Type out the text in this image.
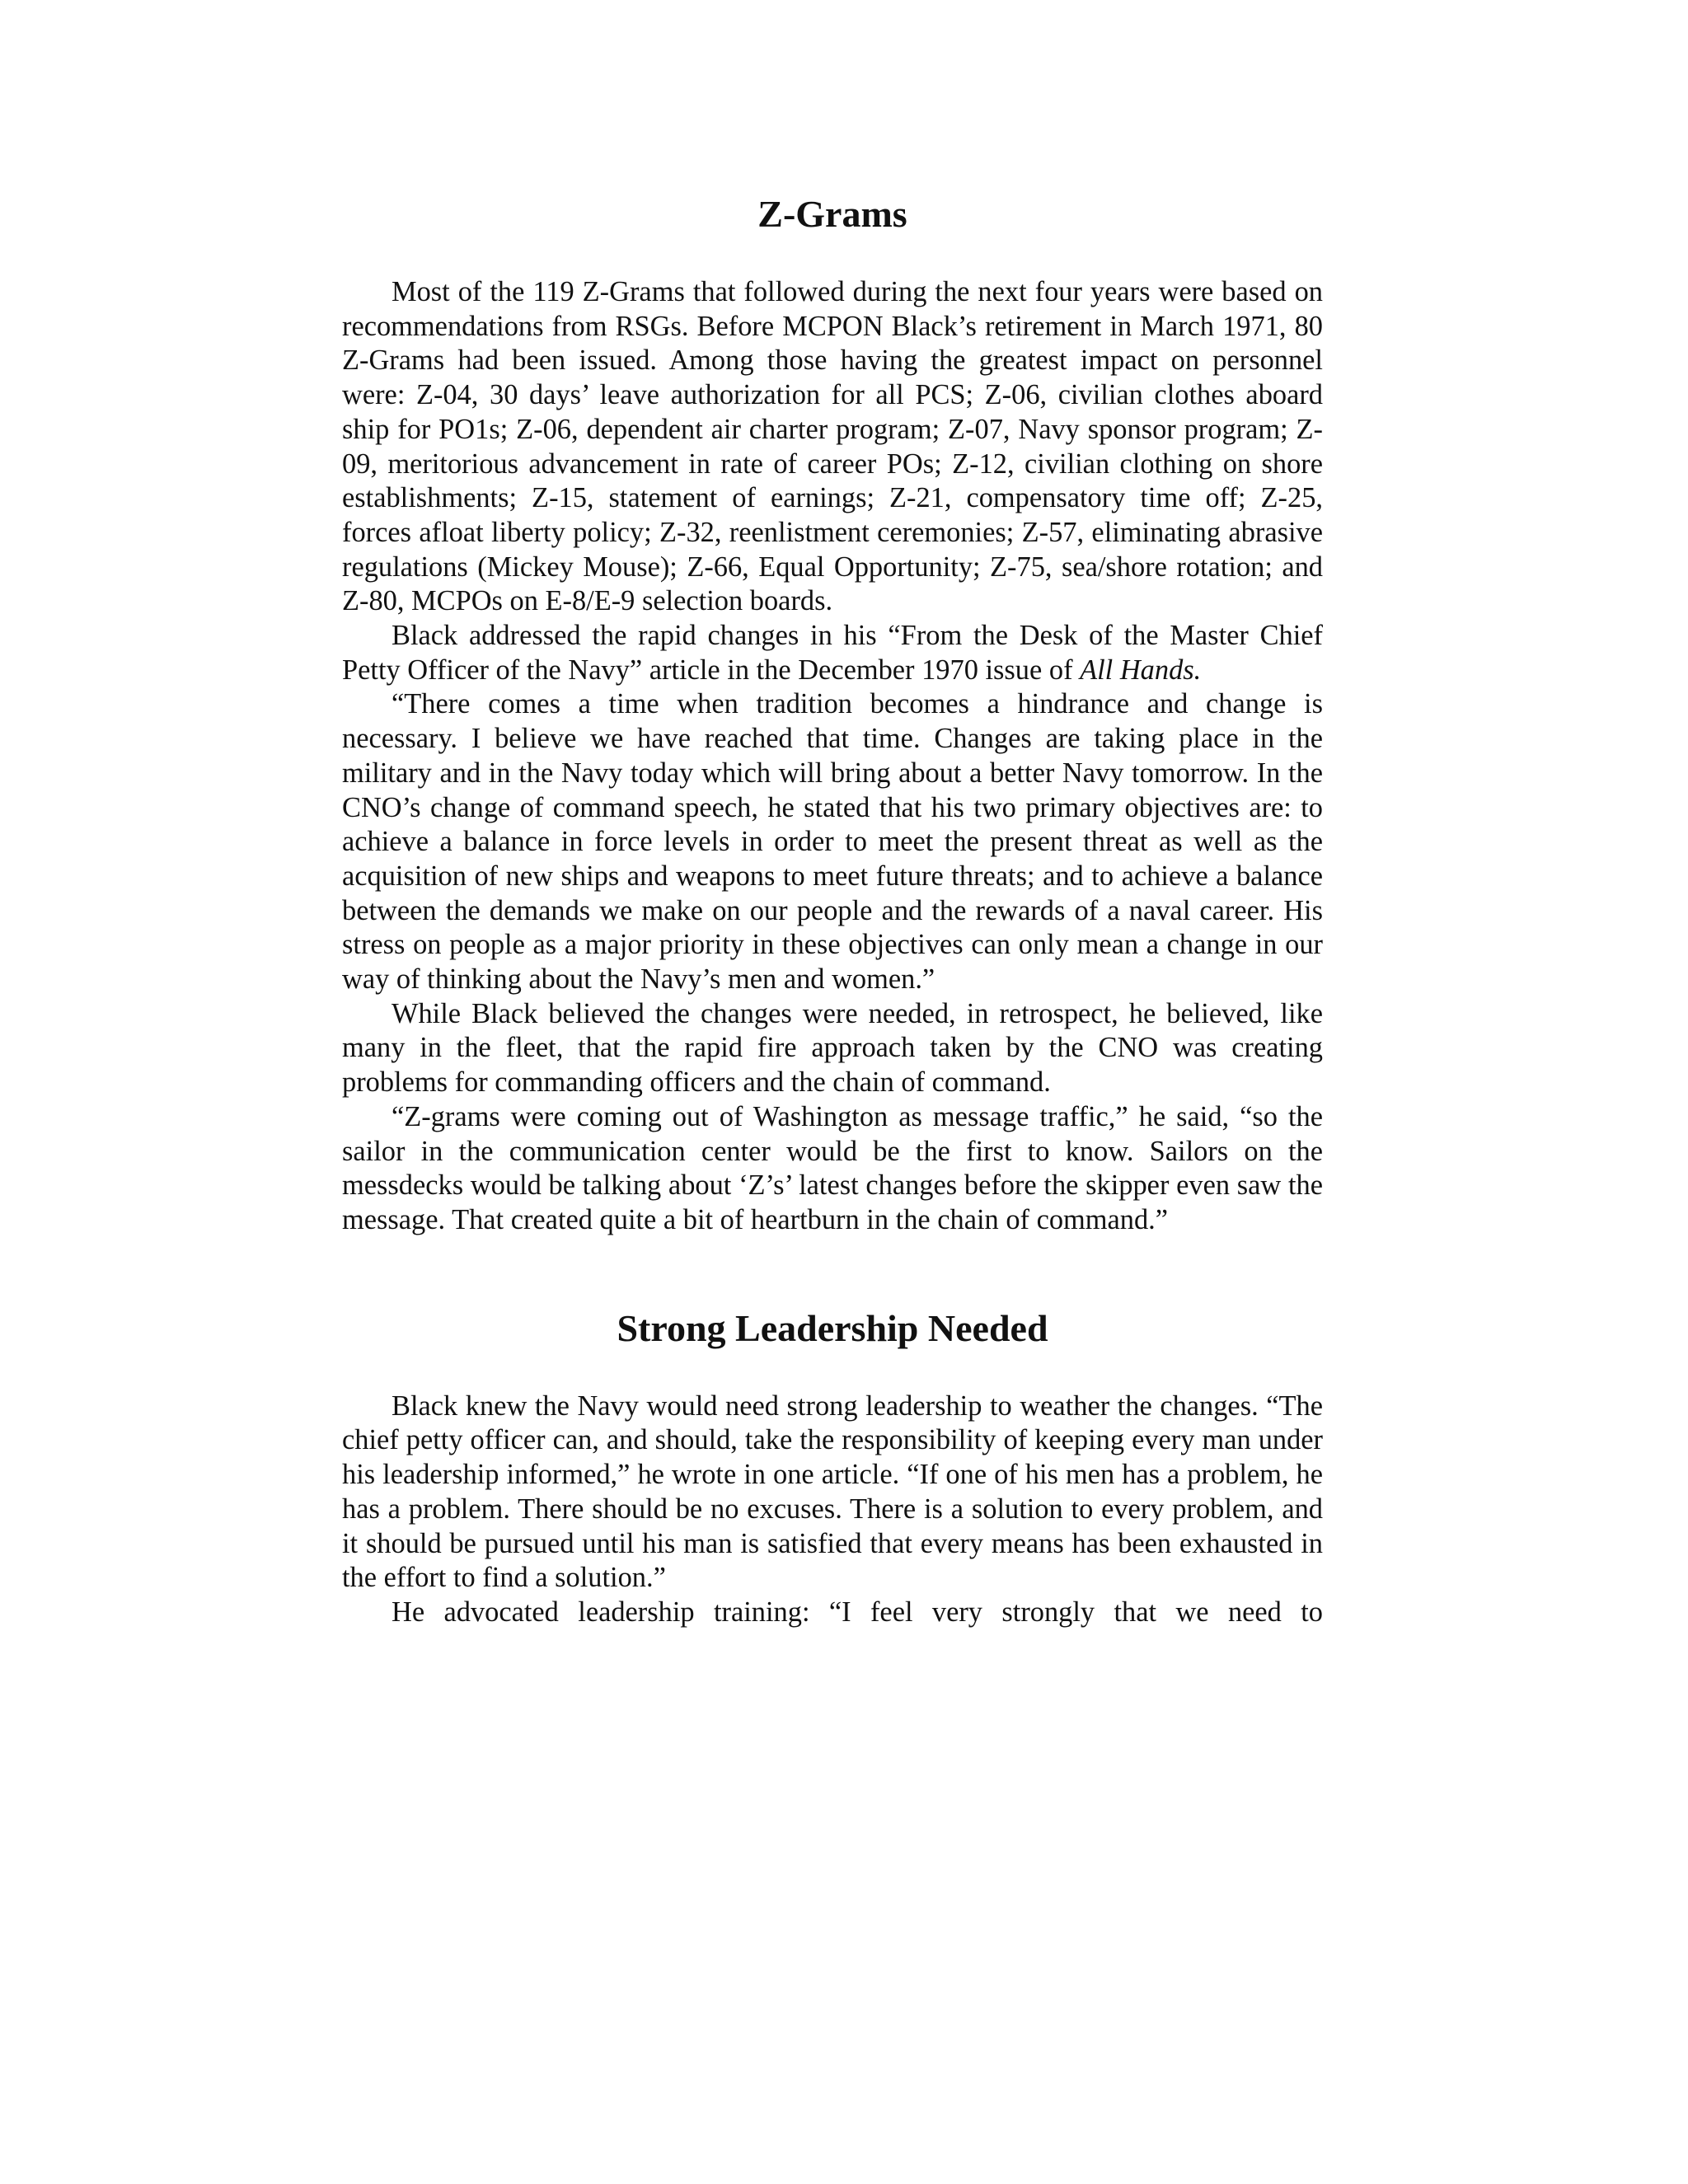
Z-Grams

Most of the 119 Z-Grams that followed during the next four years were based on recommendations from RSGs. Before MCPON Black’s retirement in March 1971, 80 Z-Grams had been issued. Among those having the greatest impact on personnel were: Z-04, 30 days’ leave authorization for all PCS; Z-06, civilian clothes aboard ship for PO1s; Z-06, dependent air charter program; Z-07, Navy sponsor program; Z-09, meritorious advancement in rate of career POs; Z-12, civilian clothing on shore establishments; Z-15, statement of earnings; Z-21, compensatory time off; Z-25, forces afloat liberty policy; Z-32, reenlistment ceremonies; Z-57, eliminating abrasive regulations (Mickey Mouse); Z-66, Equal Opportunity; Z-75, sea/shore rotation; and Z-80, MCPOs on E-8/E-9 selection boards.

Black addressed the rapid changes in his “From the Desk of the Master Chief Petty Officer of the Navy” article in the December 1970 issue of All Hands.

“There comes a time when tradition becomes a hindrance and change is necessary. I believe we have reached that time. Changes are taking place in the military and in the Navy today which will bring about a better Navy tomorrow. In the CNO’s change of command speech, he stated that his two primary objectives are: to achieve a balance in force levels in order to meet the present threat as well as the acquisition of new ships and weapons to meet future threats; and to achieve a balance between the demands we make on our people and the rewards of a naval career. His stress on people as a major priority in these objectives can only mean a change in our way of thinking about the Navy’s men and women.”

While Black believed the changes were needed, in retrospect, he believed, like many in the fleet, that the rapid fire approach taken by the CNO was creating problems for commanding officers and the chain of command.

“Z-grams were coming out of Washington as message traffic,” he said, “so the sailor in the communication center would be the first to know. Sailors on the messdecks would be talking about ‘Z’s’ latest changes before the skipper even saw the message. That created quite a bit of heartburn in the chain of command.”

Strong Leadership Needed

Black knew the Navy would need strong leadership to weather the changes. “The chief petty officer can, and should, take the responsibility of keeping every man under his leadership informed,” he wrote in one article. “If one of his men has a problem, he has a problem. There should be no excuses. There is a solution to every problem, and it should be pursued until his man is satisfied that every means has been exhausted in the effort to find a solution.”

He advocated leadership training: “I feel very strongly that we need to
